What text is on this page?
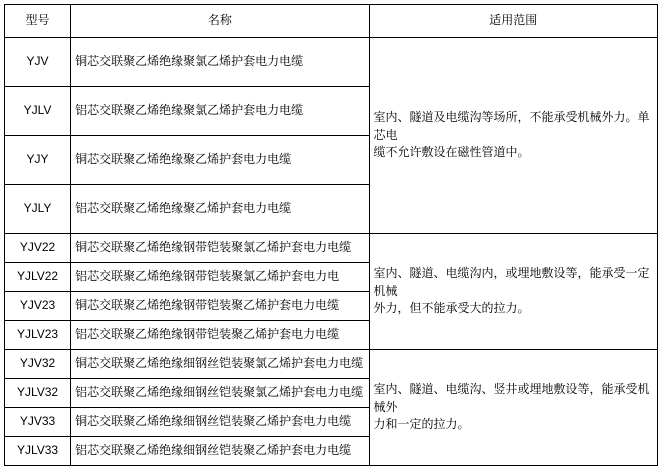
型号	名称	适用范围
YJV	铜芯交联聚乙烯绝缘聚氯乙烯护套电力电缆	室内、隧道及电缆沟等场所，不能承受机械外力。单芯电
缆不允许敷设在磁性管道中。

YJLV	铝芯交联聚乙烯绝缘聚氯乙烯护套电力电缆	
YJY	铜芯交联聚乙烯绝缘聚乙烯护套电力电缆	
YJLY	铝芯交联聚乙烯绝缘聚乙烯护套电力电缆	
YJV22	铜芯交联聚乙烯绝缘钢带铠装聚氯乙烯护套电力电缆	室内、隧道、电缆沟内，或埋地敷设等，能承受一定机械
外力，但不能承受大的拉力。

YJLV22	铝芯交联聚乙烯绝缘钢带铠装聚氯乙烯护套电力电	
YJV23	铜芯交联聚乙烯绝缘钢带铠装聚乙烯护套电力电缆	
YJLV23	铝芯交联聚乙烯绝缘钢带铠装聚乙烯护套电力电缆	
YJV32	铜芯交联聚乙烯绝缘细钢丝铠装聚氯乙烯护套电力电缆	室内、隧道、电缆沟、竖井或埋地敷设等，能承受机械外
力和一定的拉力。

YJLV32	铝芯交联聚乙烯绝缘细钢丝铠装聚氯乙烯护套电力电缆	
YJV33	铜芯交联聚乙烯绝缘细钢丝铠装聚乙烯护套电力电缆	
YJLV33	铝芯交联聚乙烯绝缘细钢丝铠装聚乙烯护套电力电缆	
